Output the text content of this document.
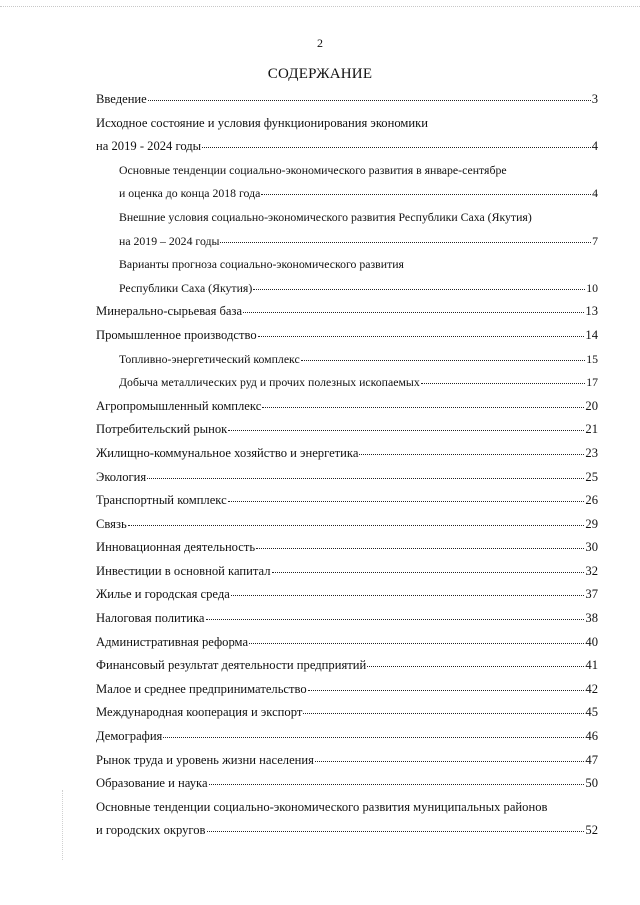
2
СОДЕРЖАНИЕ
Введение	3
Исходное состояние и условия функционирования экономики
на 2019 - 2024 годы	4
Основные тенденции социально-экономического развития в январе-сентябре
и оценка до конца 2018 года	4
Внешние условия социально-экономического развития Республики Саха (Якутия)
на 2019 – 2024 годы	7
Варианты прогноза социально-экономического развития
Республики Саха (Якутия)	10
Минерально-сырьевая база	13
Промышленное производство	14
Топливно-энергетический комплекс	15
Добыча металлических руд и прочих полезных ископаемых	17
Агропромышленный комплекс	20
Потребительский рынок	21
Жилищно-коммунальное хозяйство и энергетика	23
Экология	25
Транспортный комплекс	26
Связь	29
Инновационная деятельность	30
Инвестиции в основной капитал	32
Жилье и городская среда	37
Налоговая политика	38
Административная реформа	40
Финансовый результат деятельности предприятий	41
Малое и среднее предпринимательство	42
Международная кооперация и экспорт	45
Демография	46
Рынок труда и уровень жизни населения	47
Образование и наука	50
Основные тенденции социально-экономического развития муниципальных районов
и городских округов	52
